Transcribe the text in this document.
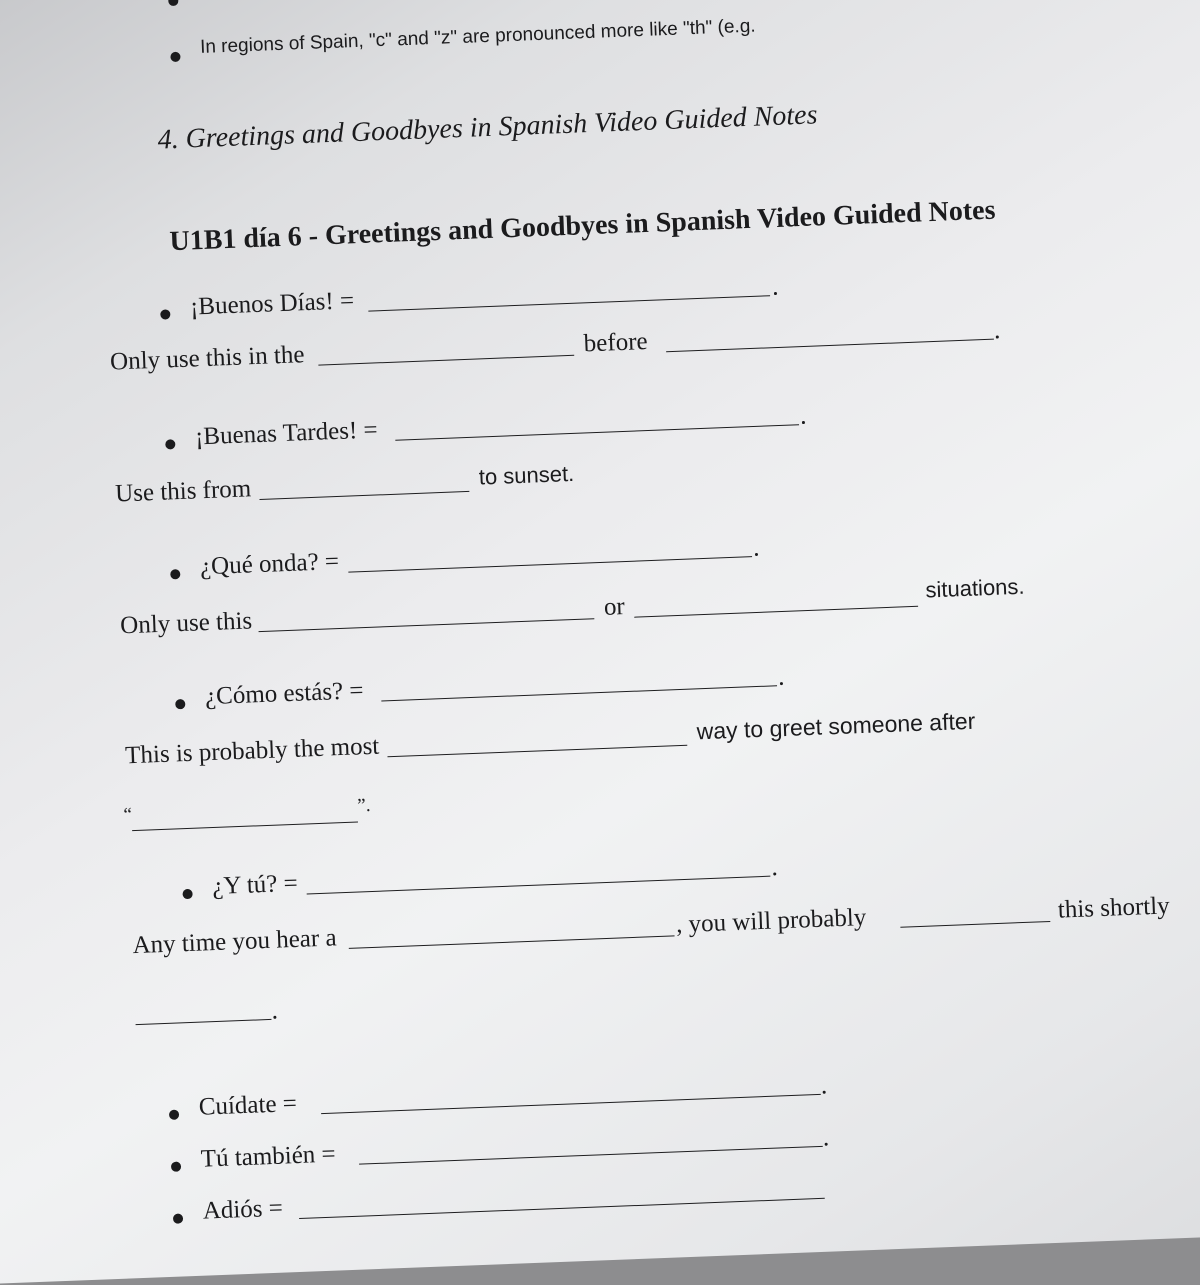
In regions of Spain, "c" and "z" are pronounced more like "th" (e.g.
4. Greetings and Goodbyes in Spanish Video Guided Notes
U1B1 día 6 - Greetings and Goodbyes in Spanish Video Guided Notes
¡Buenos Días! =
Only use this in the	before
¡Buenas Tardes! =
Use this from
to sunset.
¿Qué onda? =
Only use this
or
situations.
¿Cómo estás? =
This is probably the most
way to greet someone after
“	”.
¿Y tú? =
Any time you hear a
, you will probably	this shortly
Cuídate =
Tú también =
Adiós =
